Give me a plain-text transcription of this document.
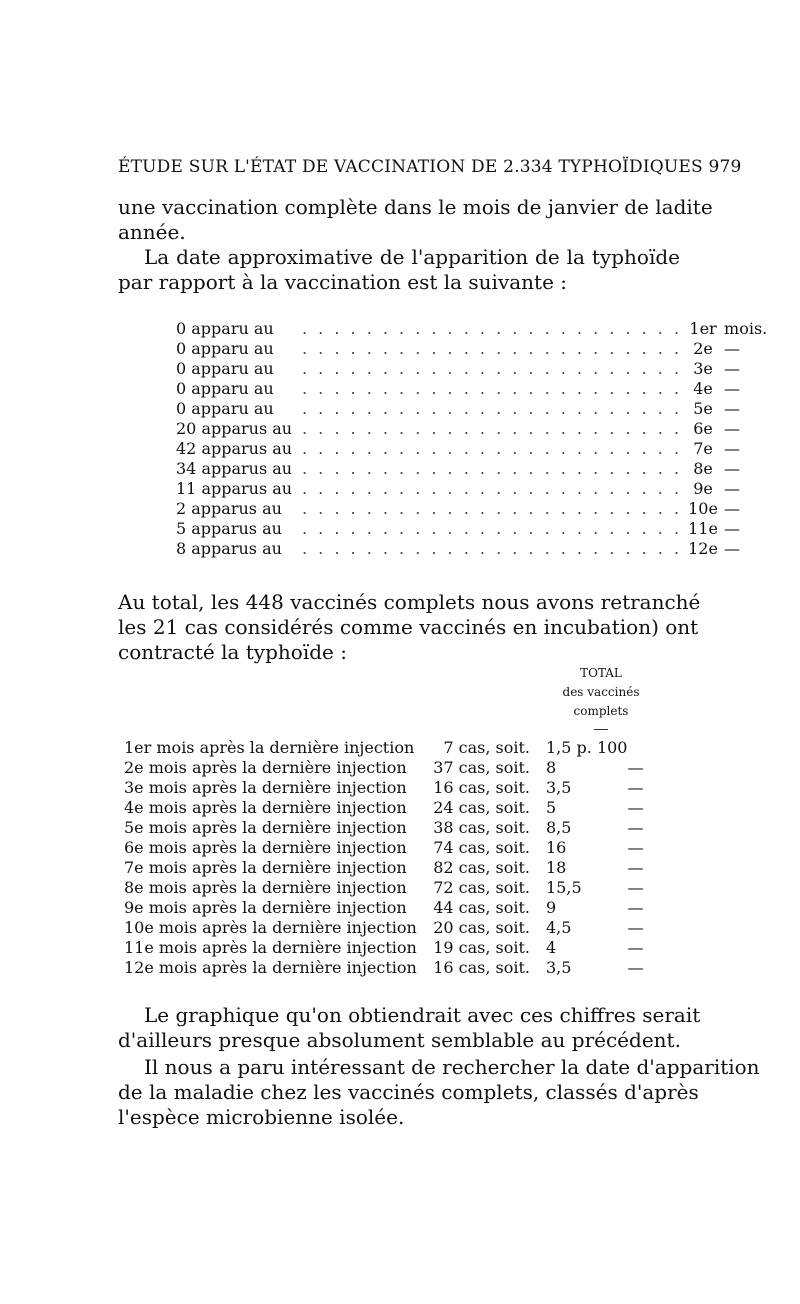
ÉTUDE SUR L'ÉTAT DE VACCINATION DE 2.334 TYPHOÏDIQUES 979
une vaccination complète dans le mois de janvier de ladite
année.
La date approximative de l'apparition de la typhoïde
par rapport à la vaccination est la suivante :
0 apparu au	. . . . . . . . . . . . . . . . . . . . . . . .	1er	mois.
0 apparu au	. . . . . . . . . . . . . . . . . . . . . . . .	2e	—
0 apparu au	. . . . . . . . . . . . . . . . . . . . . . . .	3e	—
0 apparu au	. . . . . . . . . . . . . . . . . . . . . . . .	4e	—
0 apparu au	. . . . . . . . . . . . . . . . . . . . . . . .	5e	—
20 apparus au	. . . . . . . . . . . . . . . . . . . . . . . .	6e	—
42 apparus au	. . . . . . . . . . . . . . . . . . . . . . . .	7e	—
34 apparus au	. . . . . . . . . . . . . . . . . . . . . . . .	8e	—
11 apparus au	. . . . . . . . . . . . . . . . . . . . . . . .	9e	—
2 apparus au	. . . . . . . . . . . . . . . . . . . . . . . .	10e	—
5 apparus au	. . . . . . . . . . . . . . . . . . . . . . . .	11e	—
8 apparus au	. . . . . . . . . . . . . . . . . . . . . . . .	12e	—
Au total, les 448 vaccinés complets nous avons retranché
les 21 cas considérés comme vaccinés en incubation) ont
contracté la typhoïde :
TOTAL
des vaccinés
complets
1er mois après la dernière injection	7 cas, soit.	1,5 p. 100	
2e mois après la dernière injection	37 cas, soit.	8	—
3e mois après la dernière injection	16 cas, soit.	3,5	—
4e mois après la dernière injection	24 cas, soit.	5	—
5e mois après la dernière injection	38 cas, soit.	8,5	—
6e mois après la dernière injection	74 cas, soit.	16	—
7e mois après la dernière injection	82 cas, soit.	18	—
8e mois après la dernière injection	72 cas, soit.	15,5	—
9e mois après la dernière injection	44 cas, soit.	9	—
10e mois après la dernière injection	20 cas, soit.	4,5	—
11e mois après la dernière injection	19 cas, soit.	4	—
12e mois après la dernière injection	16 cas, soit.	3,5	—
Le graphique qu'on obtiendrait avec ces chiffres serait
d'ailleurs presque absolument semblable au précédent.
Il nous a paru intéressant de rechercher la date d'apparition
de la maladie chez les vaccinés complets, classés d'après
l'espèce microbienne isolée.
